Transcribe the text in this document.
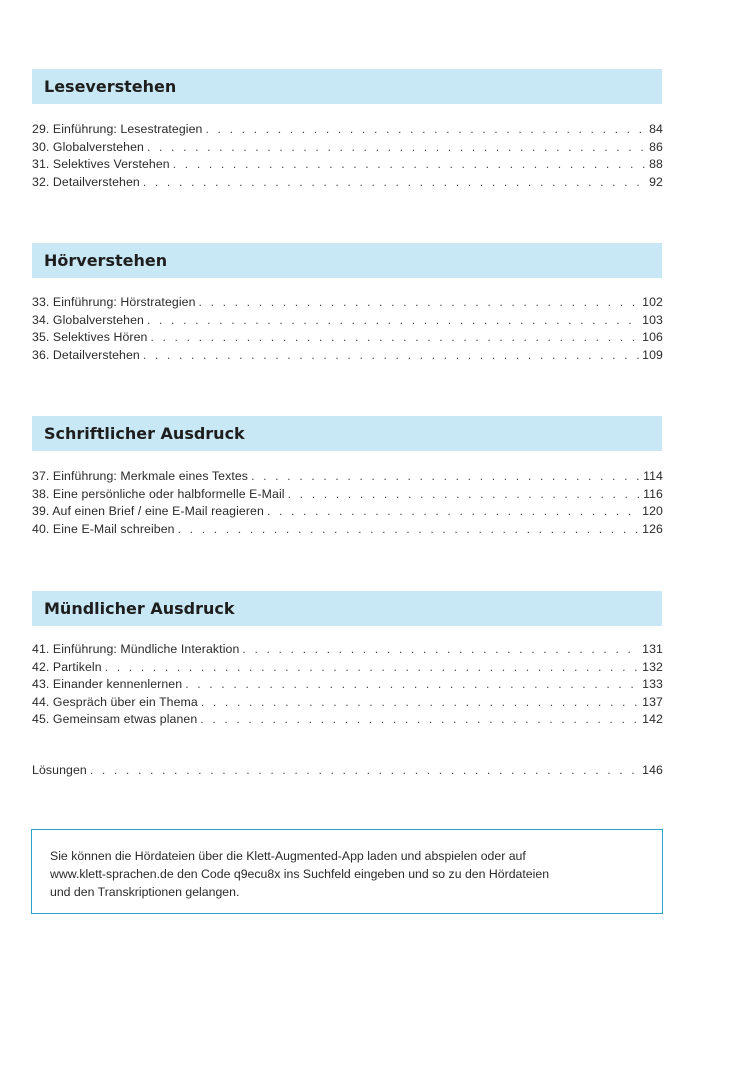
Leseverstehen
29. Einführung: Lesestrategien . . .	84
30. Globalverstehen . . .	86
31. Selektives Verstehen . . .	88
32. Detailverstehen . . .	92
Hörverstehen
33. Einführung: Hörstrategien . . .	102
34. Globalverstehen . . .	103
35. Selektives Hören . . .	106
36. Detailverstehen . . .	109
Schriftlicher Ausdruck
37. Einführung: Merkmale eines Textes . . .	114
38. Eine persönliche oder halbformelle E-Mail . . .	116
39. Auf einen Brief / eine E-Mail reagieren . . .	120
40. Eine E-Mail schreiben . . .	126
Mündlicher Ausdruck
41. Einführung: Mündliche Interaktion . . .	131
42. Partikeln . . .	132
43. Einander kennenlernen . . .	133
44. Gespräch über ein Thema . . .	137
45. Gemeinsam etwas planen . . .	142
Lösungen . . .	146
Sie können die Hördateien über die Klett-Augmented-App laden und abspielen oder auf
www.klett-sprachen.de den Code q9ecu8x ins Suchfeld eingeben und so zu den Hördateien
und den Transkriptionen gelangen.
